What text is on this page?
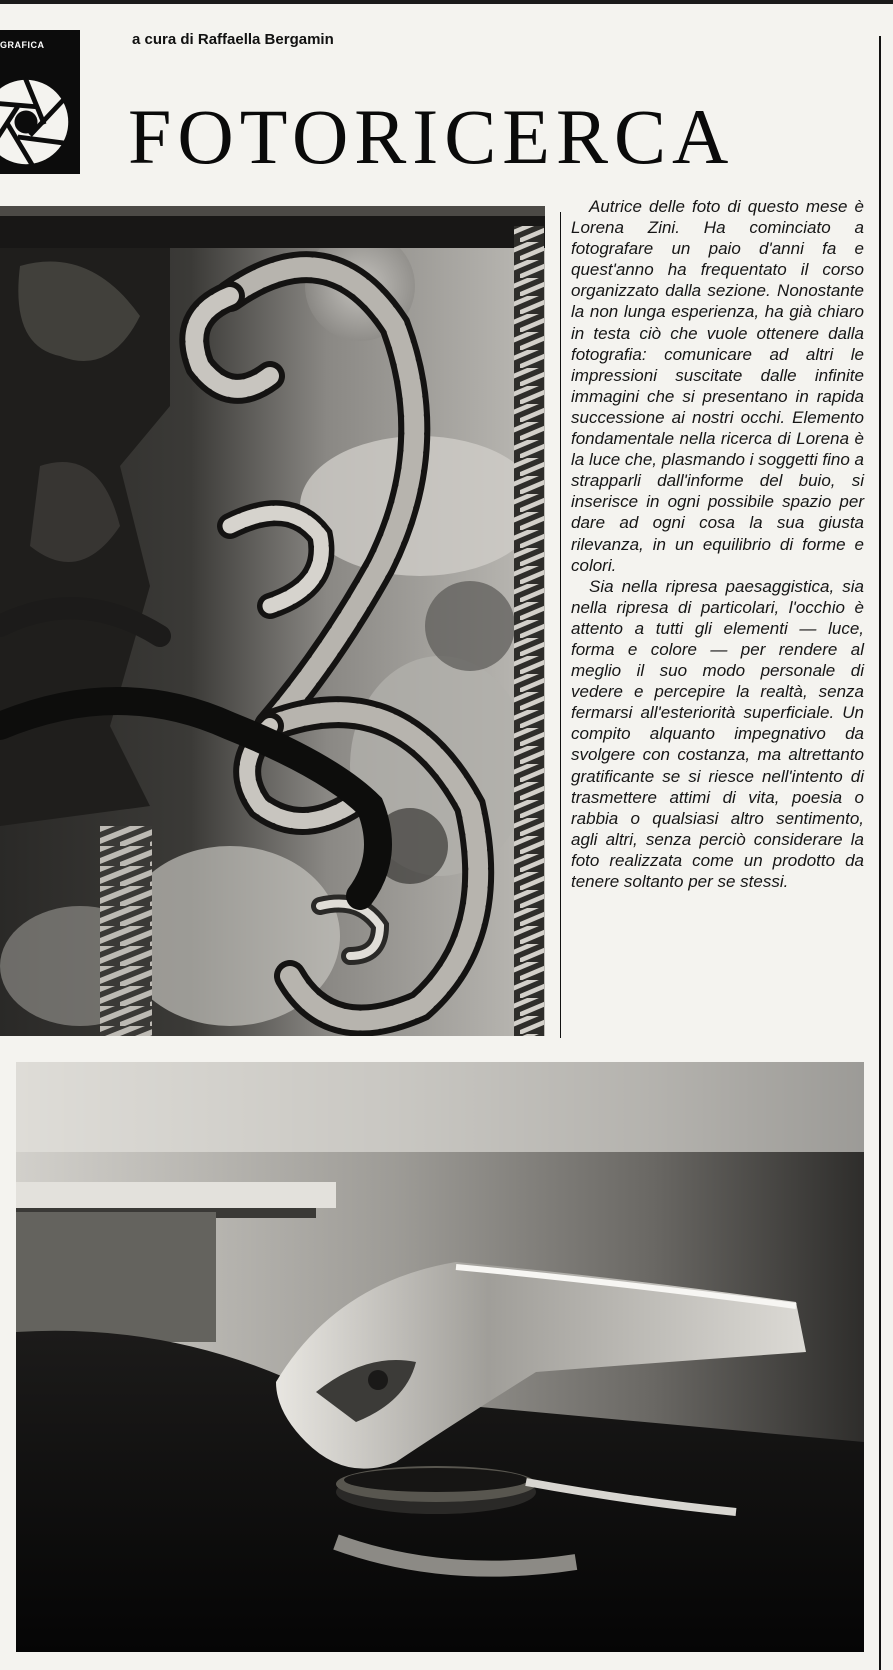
GRAFICA	a cura di Raffaella Bergamin
FOTORICERCA

Autrice delle foto di questo mese è Lorena Zini. Ha cominciato a fotografare un paio d'anni fa e quest'anno ha frequentato il corso organizzato dalla sezione. Nonostante la non lunga esperienza, ha già chiaro in testa ciò che vuole ottenere dalla fotografia: comunicare ad altri le impressioni suscitate dalle infinite immagini che si presentano in rapida successione ai nostri occhi. Elemento fondamentale nella ricerca di Lorena è la luce che, plasmando i soggetti fino a strapparli dall'informe del buio, si inserisce in ogni possibile spazio per dare ad ogni cosa la sua giusta rilevanza, in un equilibrio di forme e colori.

Sia nella ripresa paesaggistica, sia nella ripresa di particolari, l'occhio è attento a tutti gli elementi — luce, forma e colore — per rendere al meglio il suo modo personale di vedere e percepire la realtà, senza fermarsi all'esteriorità superficiale. Un compito alquanto impegnativo da svolgere con costanza, ma altrettanto gratificante se si riesce nell'intento di trasmettere attimi di vita, poesia o rabbia o qualsiasi altro sentimento, agli altri, senza perciò considerare la foto realizzata come un prodotto da tenere soltanto per se stessi.
